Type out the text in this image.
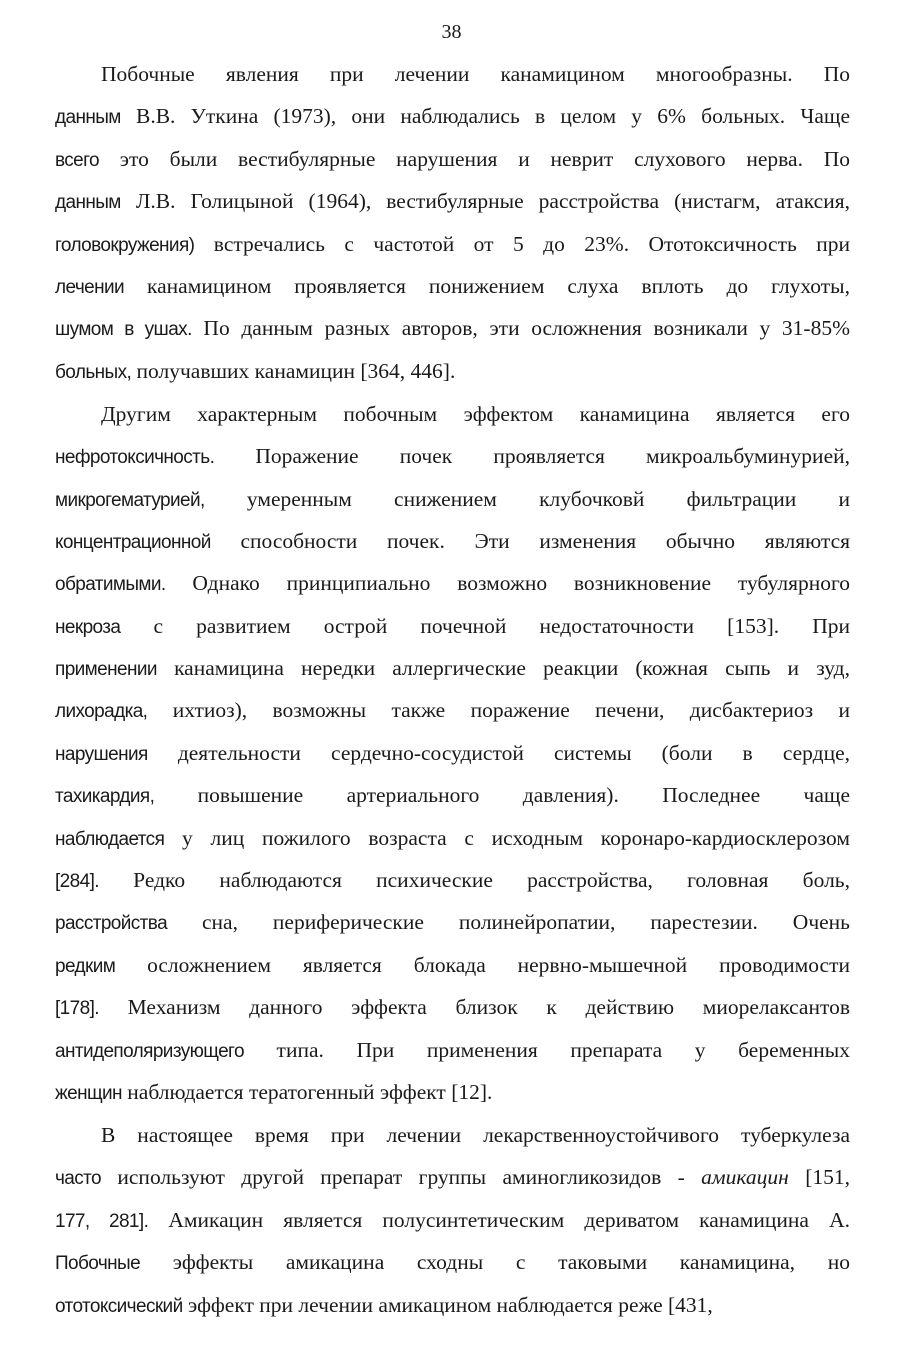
38
Побочные явления при лечении канамицином многообразны. По
данным В.В. Уткина (1973), они наблюдались в целом у 6% больных. Чаще
всего это были вестибулярные нарушения и неврит слухового нерва. По
данным Л.В. Голицыной (1964), вестибулярные расстройства (нистагм, атаксия,
головокружения) встречались с частотой от 5 до 23%. Ототоксичность при
лечении канамицином проявляется понижением слуха вплоть до глухоты,
шумом в ушах. По данным разных авторов, эти осложнения возникали у 31-85%
больных, получавших канамицин [364, 446].
Другим характерным побочным эффектом канамицина является его
нефротоксичность. Поражение почек проявляется микроальбуминурией,
микрогематурией, умеренным снижением клубочковй фильтрации и
концентрационной способности почек. Эти изменения обычно являются
обратимыми. Однако принципиально возможно возникновение тубулярного
некроза с развитием острой почечной недостаточности [153]. При
применении канамицина нередки аллергические реакции (кожная сыпь и зуд,
лихорадка, ихтиоз), возможны также поражение печени, дисбактериоз и
нарушения деятельности сердечно-сосудистой системы (боли в сердце,
тахикардия, повышение артериального давления). Последнее чаще
наблюдается у лиц пожилого возраста с исходным коронаро-кардиосклерозом
[284]. Редко наблюдаются психические расстройства, головная боль,
расстройства сна, периферические полинейропатии, парестезии. Очень
редким осложнением является блокада нервно-мышечной проводимости
[178]. Механизм данного эффекта близок к действию миорелаксантов
антидеполяризующего типа. При применения препарата у беременных
женщин наблюдается тератогенный эффект [12].
В настоящее время при лечении лекарственноустойчивого туберкулеза
часто используют другой препарат группы аминогликозидов - амикацин [151,
177, 281]. Амикацин является полусинтетическим дериватом канамицина А.
Побочные эффекты амикацина сходны с таковыми канамицина, но
ототоксический эффект при лечении амикацином наблюдается реже [431,
